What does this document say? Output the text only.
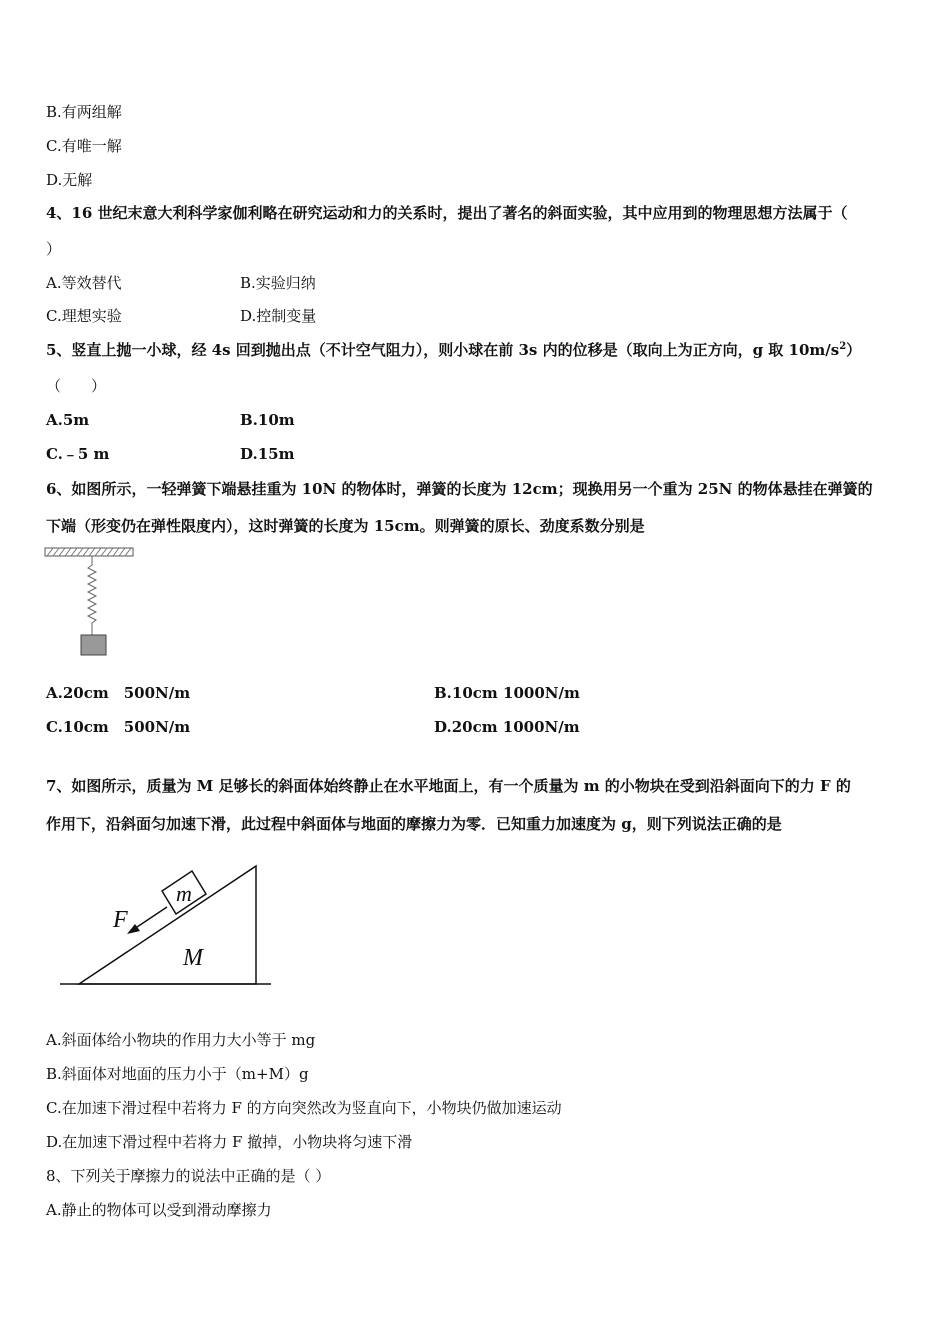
B.有两组解
C.有唯一解
D.无解
4、16 世纪末意大利科学家伽利略在研究运动和力的关系时，提出了著名的斜面实验，其中应用到的物理思想方法属于（
）
A.等效替代	B.实验归纳
C.理想实验	D.控制变量
5、竖直上抛一小球，经 4s 回到抛出点（不计空气阻力），则小球在前 3s 内的位移是（取向上为正方向，g 取 $10m/s^2$）
（　　）
A.5m	B.10m
C.﹣5 m	D.15m
6、如图所示，一轻弹簧下端悬挂重为 10N 的物体时，弹簧的长度为 12cm；现换用另一个重为 25N 的物体悬挂在弹簧的
下端（形变仍在弹性限度内），这时弹簧的长度为 15cm。则弹簧的原长、劲度系数分别是
A.20cm　500N/m	B.10cm 1000N/m
C.10cm　500N/m	D.20cm 1000N/m
7、如图所示，质量为 M 足够长的斜面体始终静止在水平地面上，有一个质量为 m 的小物块在受到沿斜面向下的力 F 的
作用下，沿斜面匀加速下滑，此过程中斜面体与地面的摩擦力为零．已知重力加速度为 g，则下列说法正确的是
m
F
M
A.斜面体给小物块的作用力大小等于 mg
B.斜面体对地面的压力小于（m+M）g
C.在加速下滑过程中若将力 F 的方向突然改为竖直向下，小物块仍做加速运动
D.在加速下滑过程中若将力 F 撤掉，小物块将匀速下滑
8、下列关于摩擦力的说法中正确的是（ ）
A.静止的物体可以受到滑动摩擦力
